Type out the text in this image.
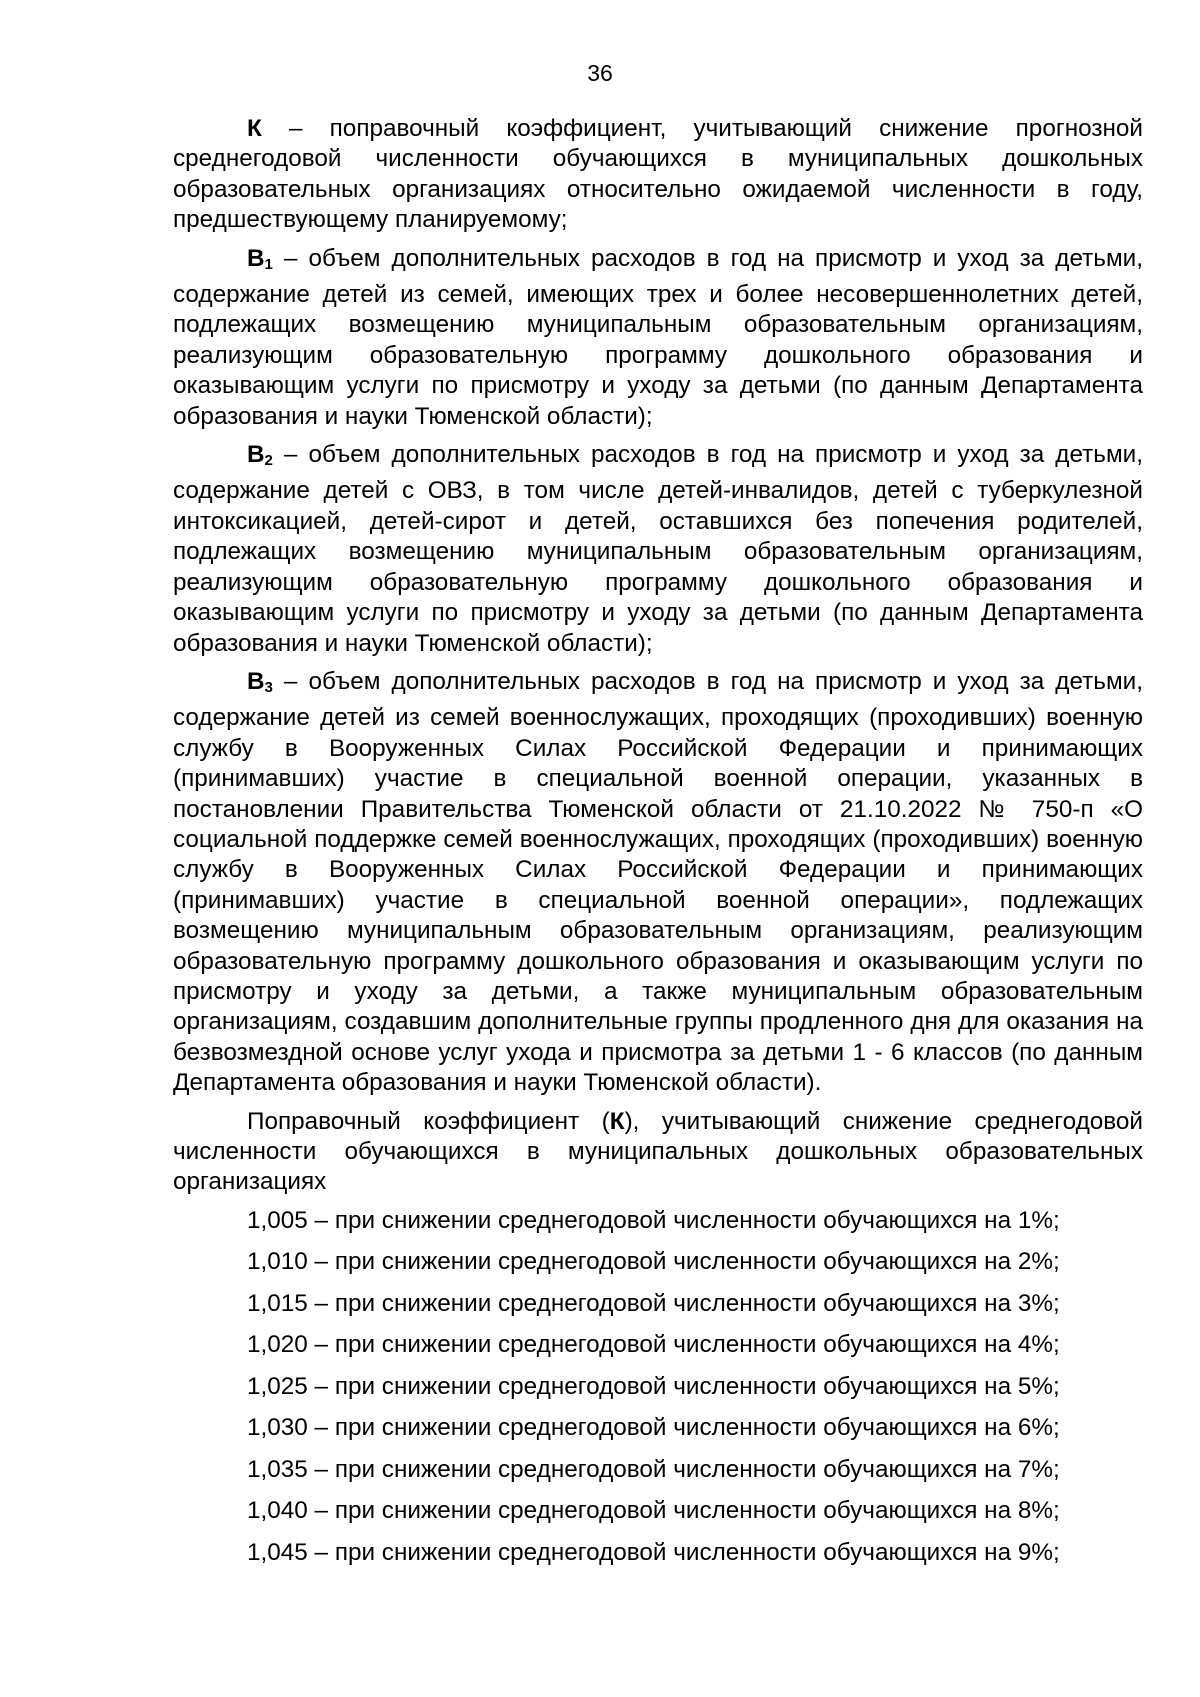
36

К – поправочный коэффициент, учитывающий снижение прогнозной среднегодовой численности обучающихся в муниципальных дошкольных образовательных организациях относительно ожидаемой численности в году, предшествующему планируемому;

$В_1$ – объем дополнительных расходов в год на присмотр и уход за детьми, содержание детей из семей, имеющих трех и более несовершеннолетних детей, подлежащих возмещению муниципальным образовательным организациям, реализующим образовательную программу дошкольного образования и оказывающим услуги по присмотру и уходу за детьми (по данным Департамента образования и науки Тюменской области);

$В_2$ – объем дополнительных расходов в год на присмотр и уход за детьми, содержание детей с ОВЗ, в том числе детей-инвалидов, детей с туберкулезной интоксикацией, детей-сирот и детей, оставшихся без попечения родителей, подлежащих возмещению муниципальным образовательным организациям, реализующим образовательную программу дошкольного образования и оказывающим услуги по присмотру и уходу за детьми (по данным Департамента образования и науки Тюменской области);

$В_3$ – объем дополнительных расходов в год на присмотр и уход за детьми, содержание детей из семей военнослужащих, проходящих (проходивших) военную службу в Вооруженных Силах Российской Федерации и принимающих (принимавших) участие в специальной военной операции, указанных в постановлении Правительства Тюменской области от 21.10.2022 № 750-п «О социальной поддержке семей военнослужащих, проходящих (проходивших) военную службу в Вооруженных Силах Российской Федерации и принимающих (принимавших) участие в специальной военной операции», подлежащих возмещению муниципальным образовательным организациям, реализующим образовательную программу дошкольного образования и оказывающим услуги по присмотру и уходу за детьми, а также муниципальным образовательным организациям, создавшим дополнительные группы продленного дня для оказания на безвозмездной основе услуг ухода и присмотра за детьми 1 - 6 классов (по данным Департамента образования и науки Тюменской области).

Поправочный коэффициент (К), учитывающий снижение среднегодовой численности обучающихся в муниципальных дошкольных образовательных организациях

1,005 – при снижении среднегодовой численности обучающихся на 1%;
1,010 – при снижении среднегодовой численности обучающихся на 2%;
1,015 – при снижении среднегодовой численности обучающихся на 3%;
1,020 – при снижении среднегодовой численности обучающихся на 4%;
1,025 – при снижении среднегодовой численности обучающихся на 5%;
1,030 – при снижении среднегодовой численности обучающихся на 6%;
1,035 – при снижении среднегодовой численности обучающихся на 7%;
1,040 – при снижении среднегодовой численности обучающихся на 8%;
1,045 – при снижении среднегодовой численности обучающихся на 9%;
